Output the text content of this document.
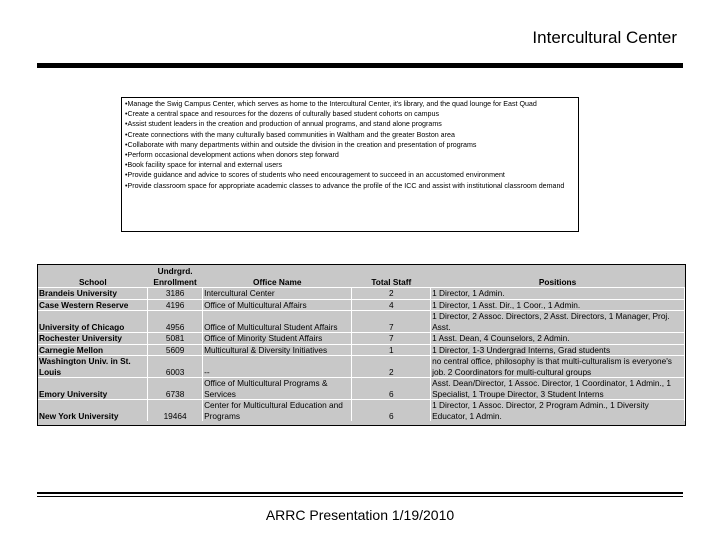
Intercultural Center
•Manage the Swig Campus Center, which serves as home to the Intercultural Center, it's library, and the quad lounge for East Quad
•Create a central space and resources for the dozens of culturally based student cohorts on campus
•Assist student leaders in the creation and production of annual programs, and stand alone programs
•Create connections with the many culturally based communities in Waltham and the greater Boston area
•Collaborate with many departments within and outside the division in the creation and presentation of programs
•Perform occasional development actions when donors step forward
•Book facility space for internal and external users
•Provide guidance and advice to scores of students who need encouragement to succeed in an accustomed environment
•Provide classroom space for appropriate academic classes to advance the profile of the ICC and assist with institutional classroom demand
School	Undrgrd. Enrollment	Office Name	Total Staff	Positions
Brandeis University	3186	Intercultural Center	2	1 Director, 1 Admin.
Case Western Reserve	4196	Office of Multicultural Affairs	4	1 Director, 1 Asst. Dir., 1 Coor., 1 Admin.
University of Chicago	4956	Office of Multicultural Student Affairs	7	1 Director, 2 Assoc. Directors, 2 Asst. Directors, 1 Manager, Proj. Asst.
Rochester University	5081	Office of Minority Student Affairs	7	1 Asst. Dean, 4 Counselors, 2 Admin.
Carnegie Mellon	5609	Multicultural & Diversity Initiatives	1	1 Director, 1-3 Undergrad Interns, Grad students
Washington Univ. in St. Louis	6003	--	2	no central office, philosophy is that multi-culturalism is everyone's job. 2 Coordinators for multi-cultural groups
Emory University	6738	Office of Multicultural Programs & Services	6	Asst. Dean/Director, 1 Assoc. Director, 1 Coordinator, 1 Admin., 1 Specialist, 1 Troupe Director, 3 Student Interns
New York University	19464	Center for Multicultural Education and Programs	6	1 Director, 1 Assoc. Director, 2 Program Admin., 1 Diversity Educator, 1 Admin.
ARRC Presentation 1/19/2010
